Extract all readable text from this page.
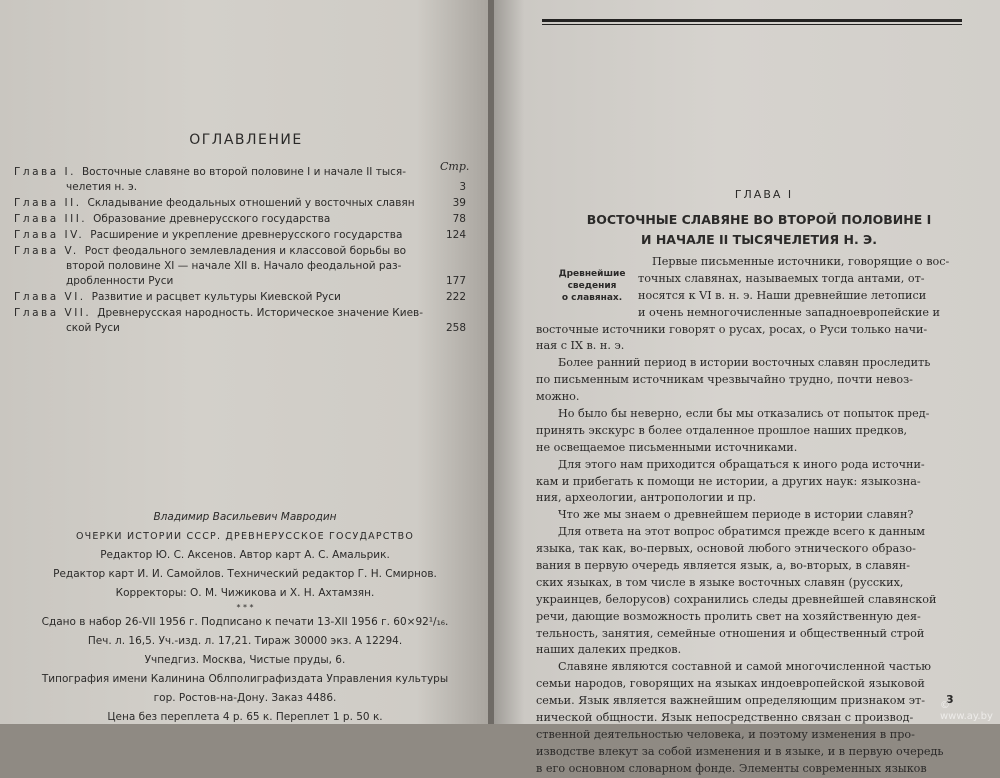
ОГЛАВЛЕНИЕ
Стр.
Глава I. Восточные славяне во второй половине I и начале II тыся-
челетия н. э.	3
Глава II. Складывание феодальных отношений у восточных славян	39
Глава III. Образование древнерусского государства	78
Глава IV. Расширение и укрепление древнерусского государства	124
Глава V. Рост феодального землевладения и классовой борьбы во
второй половине XI — начале XII в. Начало феодальной раз-
дробленности Руси	177
Глава VI. Развитие и расцвет культуры Киевской Руси	222
Глава VII. Древнерусская народность. Историческое значение Киев-
ской Руси	258
Владимир Васильевич Мавродин
ОЧЕРКИ ИСТОРИИ СССР. ДРЕВНЕРУССКОЕ ГОСУДАРСТВО
Редактор Ю. С. Аксенов. Автор карт А. С. Амальрик.
Редактор карт И. И. Самойлов. Технический редактор Г. Н. Смирнов.
Корректоры: О. М. Чижикова и Х. Н. Ахтамзян.
* * *
Сдано в набор 26-VII 1956 г. Подписано к печати 13-XII 1956 г. 60×92¹/₁₆.
Печ. л. 16,5. Уч.-изд. л. 17,21. Тираж 30000 экз. А 12294.
Учпедгиз. Москва, Чистые пруды, 6.
Типография имени Калинина Облполиграфиздата Управления культуры
гор. Ростов-на-Дону. Заказ 4486.
Цена без переплета 4 р. 65 к. Переплет 1 р. 50 к.
ГЛАВА I
ВОСТОЧНЫЕ СЛАВЯНЕ ВО ВТОРОЙ ПОЛОВИНЕ I
И НАЧАЛЕ II ТЫСЯЧЕЛЕТИЯ Н. Э.
Древнейшие
сведения
о славянах.
Первые письменные источники, говорящие о вос-
точных славянах, называемых тогда антами, от-
носятся к VI в. н. э. Наши древнейшие летописи
и очень немногочисленные западноевропейские и
восточные источники говорят о русах, росах, о Руси только начи-
ная с IX в. н. э.
Более ранний период в истории восточных славян проследить
по письменным источникам чрезвычайно трудно, почти невоз-
можно.
Но было бы неверно, если бы мы отказались от попыток пред-
принять экскурс в более отдаленное прошлое наших предков,
не освещаемое письменными источниками.
Для этого нам приходится обращаться к иного рода источни-
кам и прибегать к помощи не истории, а других наук: языкозна-
ния, археологии, антропологии и пр.
Что же мы знаем о древнейшем периоде в истории славян?
Для ответа на этот вопрос обратимся прежде всего к данным
языка, так как, во-первых, основой любого этнического образо-
вания в первую очередь является язык, а, во-вторых, в славян-
ских языках, в том числе в языке восточных славян (русских,
украинцев, белорусов) сохранились следы древнейшей славянской
речи, дающие возможность пролить свет на хозяйственную дея-
тельность, занятия, семейные отношения и общественный строй
наших далеких предков.
Славяне являются составной и самой многочисленной частью
семьи народов, говорящих на языках индоевропейской языковой
семьи. Язык является важнейшим определяющим признаком эт-
нической общности. Язык непосредственно связан с производ-
ственной деятельностью человека, и поэтому изменения в про-
изводстве влекут за собой изменения и в языке, и в первую очередь
в его основном словарном фонде. Элементы современных языков
3
© www.ay.by
